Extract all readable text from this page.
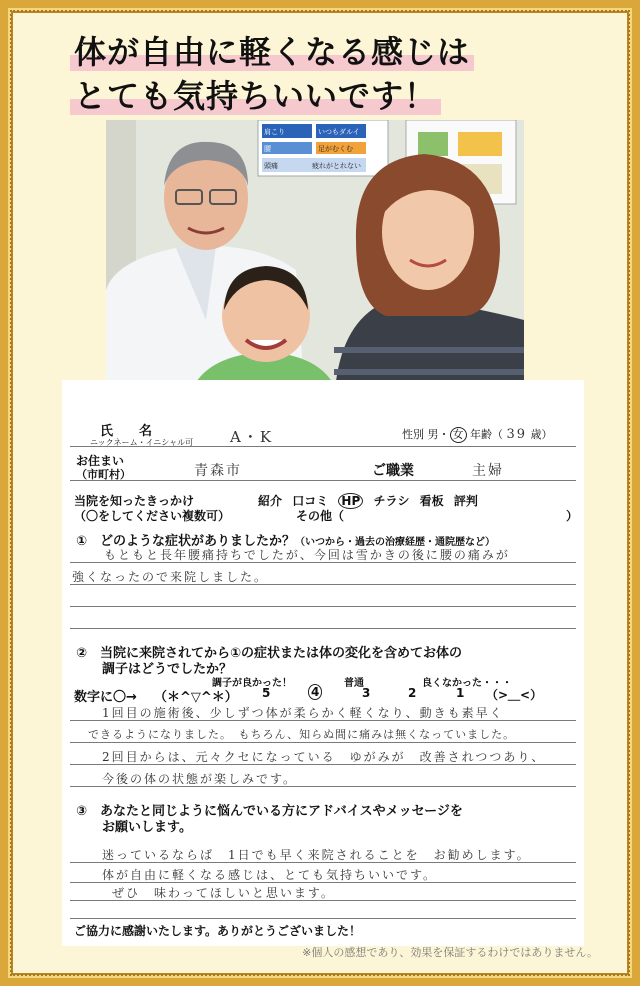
体が自由に軽くなる感じは
とても気持ちいいです！
肩こり	いつもダルイ
腰	足がむくむ
頭痛	疲れがとれない
氏　　名
ニックネーム・イニシャル可 A・K	性別 男・ 女 年齢（ 39 歳）
お住まい
（市町村）	青森市	ご職業	主婦
当院を知ったきっかけ
（〇をしてください複数可）
紹介 口コミ HP チラシ 看板 評判
その他（	）
①　 どのような症状がありましたか？（いつから・過去の治療経歴・通院歴など）
もともと長年腰痛持ちでしたが、今回は雪かきの後に腰の痛みが
強くなったので来院しました。
②　 当院に来院されてから①の症状または体の変化を含めてお体の
調子はどうでしたか？
調子が良かった！	普通	良くなかった・・・
数字に〇→ （＊^▽^＊） 5	4	3	2	1 （>＿<）
1回目の施術後、少しずつ体が柔らかく軽くなり、動きも素早く
できるようになりました。　もちろん、知らぬ間に痛みは無くなっていました。
2回目からは、元々クセになっている　ゆがみが　改善されつつあり、
今後の体の状態が楽しみです。
③　 あなたと同じように悩んでいる方にアドバイスやメッセージを
お願いします。
迷っているならば　1日でも早く来院されることを　お勧めします。
体が自由に軽くなる感じは、とても気持ちいいです。
ぜひ　味わってほしいと思います。
ご協力に感謝いたします。ありがとうございました！
※個人の感想であり、効果を保証するわけではありません。
